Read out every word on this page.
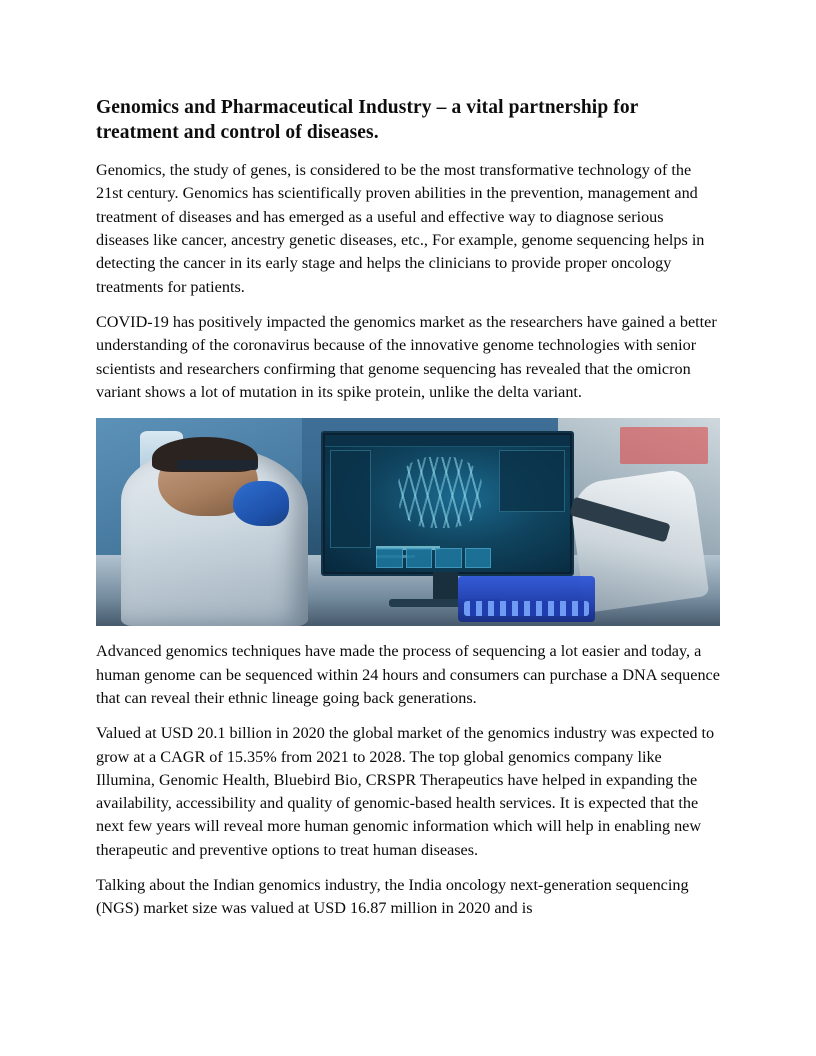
Genomics and Pharmaceutical Industry – a vital partnership for treatment and control of diseases.

Genomics, the study of genes, is considered to be the most transformative technology of the 21st century. Genomics has scientifically proven abilities in the prevention, management and treatment of diseases and has emerged as a useful and effective way to diagnose serious diseases like cancer, ancestry genetic diseases, etc., For example, genome sequencing helps in detecting the cancer in its early stage and helps the clinicians to provide proper oncology treatments for patients.

COVID-19 has positively impacted the genomics market as the researchers have gained a better understanding of the coronavirus because of the innovative genome technologies with senior scientists and researchers confirming that genome sequencing has revealed that the omicron variant shows a lot of mutation in its spike protein, unlike the delta variant.

Advanced genomics techniques have made the process of sequencing a lot easier and today, a human genome can be sequenced within 24 hours and consumers can purchase a DNA sequence that can reveal their ethnic lineage going back generations.

Valued at USD 20.1 billion in 2020 the global market of the genomics industry was expected to grow at a CAGR of 15.35% from 2021 to 2028. The top global genomics company like Illumina, Genomic Health, Bluebird Bio, CRSPR Therapeutics have helped in expanding the availability, accessibility and quality of genomic-based health services. It is expected that the next few years will reveal more human genomic information which will help in enabling new therapeutic and preventive options to treat human diseases.

Talking about the Indian genomics industry, the India oncology next-generation sequencing (NGS) market size was valued at USD 16.87 million in 2020 and is
